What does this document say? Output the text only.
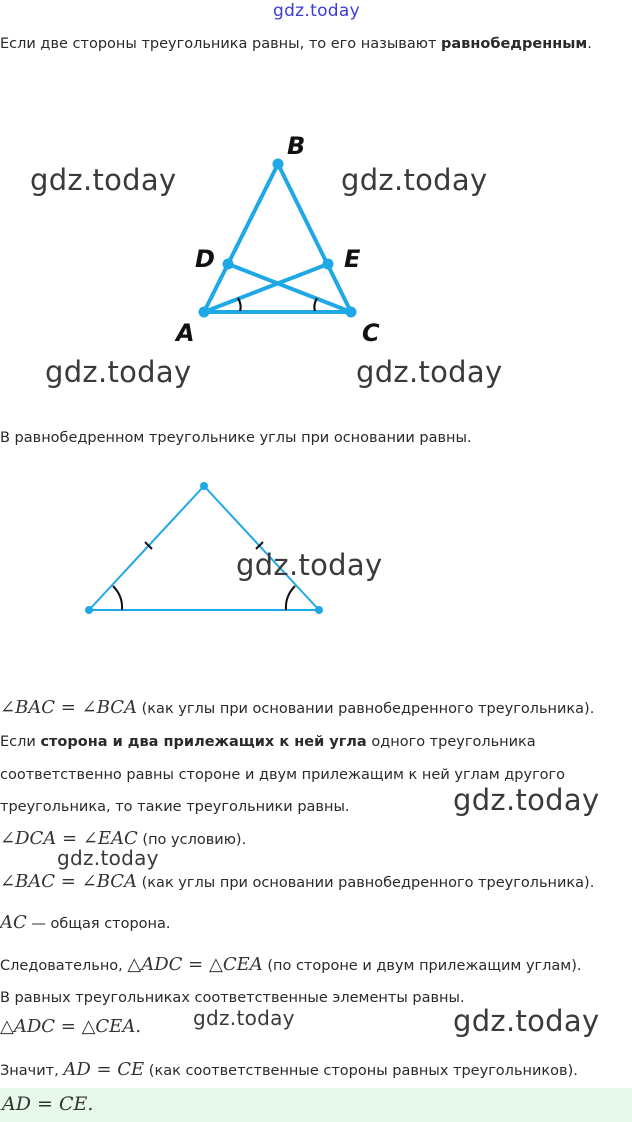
gdz.today
Если две стороны треугольника равны, то его называют равнобедренным.
B
D	E
A	C
gdz.today	gdz.today
gdz.today	gdz.today
В равнобедренном треугольнике углы при основании равны.
gdz.today
∠BAC = ∠BCA (как углы при основании равнобедренного треугольника).
Если сторона и два прилежащих к ней угла одного треугольника
соответственно равны стороне и двум прилежащим к ней углам другого
треугольника, то такие треугольники равны.	gdz.today
∠DCA = ∠EAC (по условию).
gdz.today
∠BAC = ∠BCA (как углы при основании равнобедренного треугольника).
AC — общая сторона.
Следовательно, △ADC = △CEA (по стороне и двум прилежащим углам).
В равных треугольниках соответственные элементы равны.
△ADC = △CEA.	gdz.today	gdz.today
Значит, AD = CE (как соответственные стороны равных треугольников).
AD = CE.
